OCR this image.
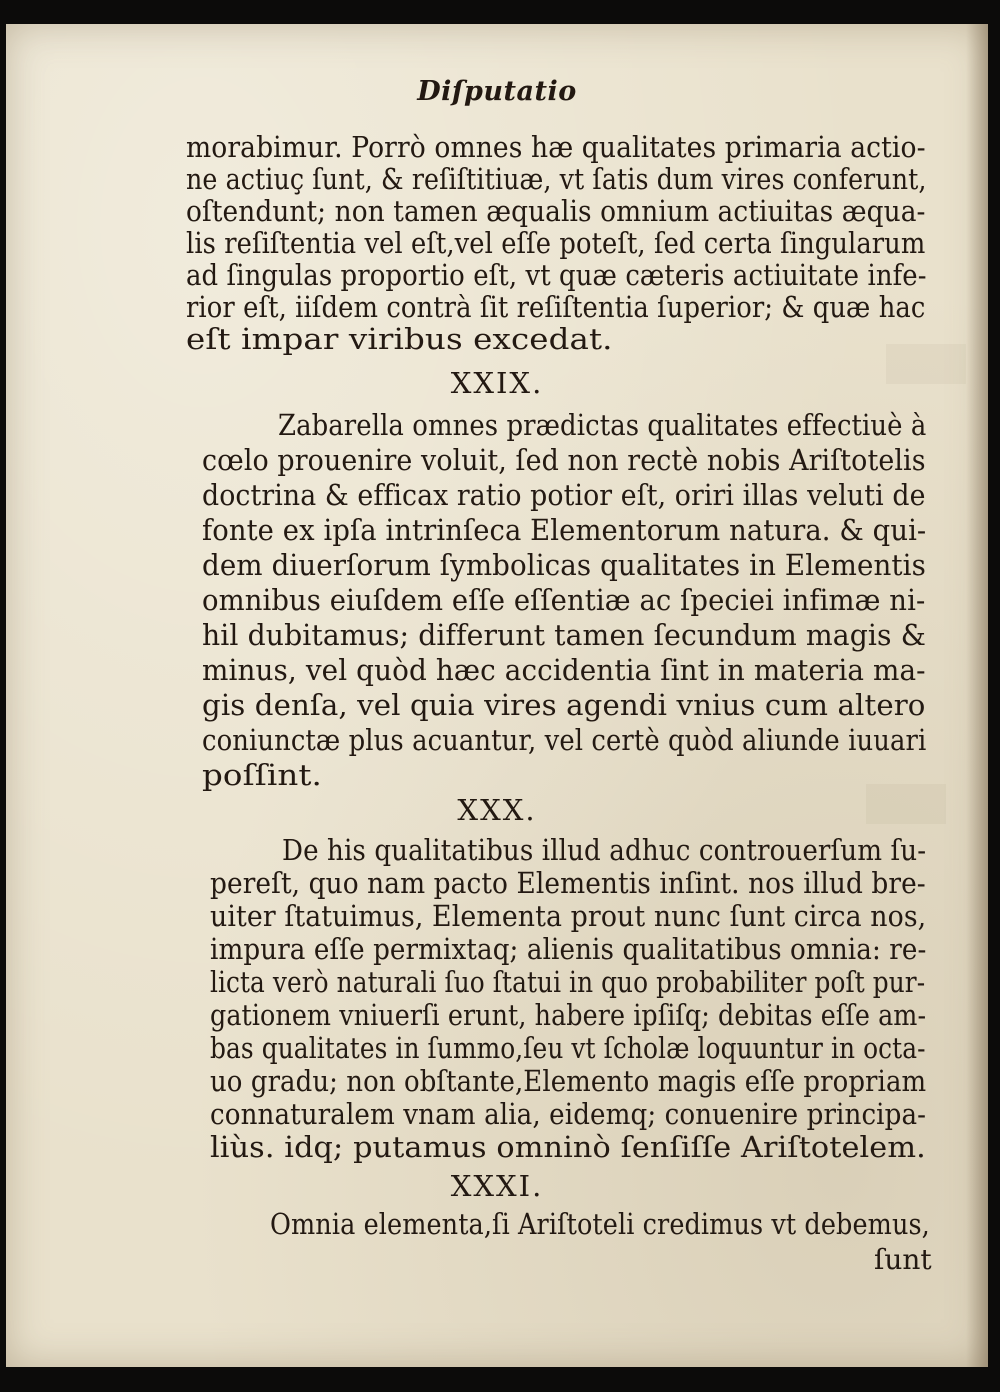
Diſputatio
morabimur. Porrò omnes hæ qualitates primaria actio-
ne actiuç ſunt, & reſiſtitiuæ, vt ſatis dum vires conferunt,
oſtendunt; non tamen æqualis omnium actiuitas æqua-
lis reſiſtentia vel eſt,vel eſſe poteſt, ſed certa ſingularum
ad ſingulas proportio eſt, vt quæ cæteris actiuitate infe-
rior eſt, iiſdem contrà ſit reſiſtentia ſuperior; & quæ hac
eſt impar viribus excedat.
XXIX.
Zabarella omnes prædictas qualitates effectiuè à
cœlo prouenire voluit, ſed non rectè nobis Ariſtotelis
doctrina & efficax ratio potior eſt, oriri illas veluti de
fonte ex ipſa intrinſeca Elementorum natura. & qui-
dem diuerſorum ſymbolicas qualitates in Elementis
omnibus eiuſdem eſſe eſſentiæ ac ſpeciei infimæ ni-
hil dubitamus; differunt tamen ſecundum magis &
minus, vel quòd hæc accidentia ſint in materia ma-
gis denſa, vel quia vires agendi vnius cum altero
coniunctæ plus acuantur, vel certè quòd aliunde iuuari
poſſint.
XXX.
De his qualitatibus illud adhuc controuerſum ſu-
pereſt, quo nam pacto Elementis inſint. nos illud bre-
uiter ſtatuimus, Elementa prout nunc ſunt circa nos,
impura eſſe permixtaq; alienis qualitatibus omnia: re-
licta verò naturali ſuo ſtatui in quo probabiliter poſt pur-
gationem vniuerſi erunt, habere ipſiſq; debitas eſſe am-
bas qualitates in ſummo,ſeu vt ſcholæ loquuntur in octa-
uo gradu; non obſtante,Elemento magis eſſe propriam
connaturalem vnam alia, eidemq; conuenire principa-
liùs. idq; putamus omninò ſenſiſſe Ariſtotelem.
XXXI.
Omnia elementa,ſi Ariſtoteli credimus vt debemus,
ſunt
